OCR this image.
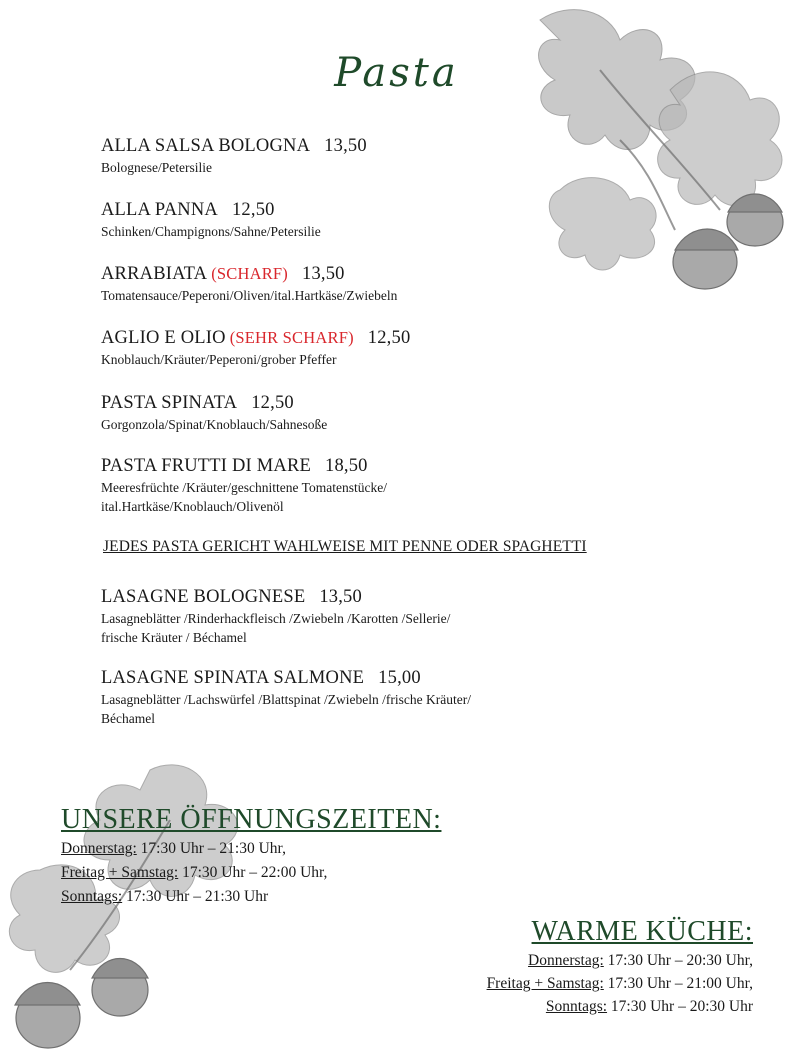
Pasta
ALLA SALSA BOLOGNA 13,50
Bolognese/Petersilie
ALLA PANNA 12,50
Schinken/Champignons/Sahne/Petersilie
ARRABIATA (SCHARF) 13,50
Tomatensauce/Peperoni/Oliven/ital.Hartkäse/Zwiebeln
AGLIO E OLIO (SEHR SCHARF) 12,50
Knoblauch/Kräuter/Peperoni/grober Pfeffer
PASTA SPINATA 12,50
Gorgonzola/Spinat/Knoblauch/Sahnesoße
PASTA FRUTTI DI MARE 18,50
Meeresfrüchte /Kräuter/geschnittene Tomatenstücke/
ital.Hartkäse/Knoblauch/Olivenöl
JEDES PASTA GERICHT WAHLWEISE MIT PENNE ODER SPAGHETTI
LASAGNE BOLOGNESE 13,50
Lasagneblätter /Rinderhackfleisch /Zwiebeln /Karotten /Sellerie/
frische Kräuter / Béchamel
LASAGNE SPINATA SALMONE 15,00
Lasagneblätter /Lachswürfel /Blattspinat /Zwiebeln /frische Kräuter/
Béchamel
UNSERE ÖFFNUNGSZEITEN:
Donnerstag: 17:30 Uhr – 21:30 Uhr,
Freitag + Samstag: 17:30 Uhr – 22:00 Uhr,
Sonntags: 17:30 Uhr – 21:30 Uhr
WARME KÜCHE:
Donnerstag: 17:30 Uhr – 20:30 Uhr,
Freitag + Samstag: 17:30 Uhr – 21:00 Uhr,
Sonntags: 17:30 Uhr – 20:30 Uhr
